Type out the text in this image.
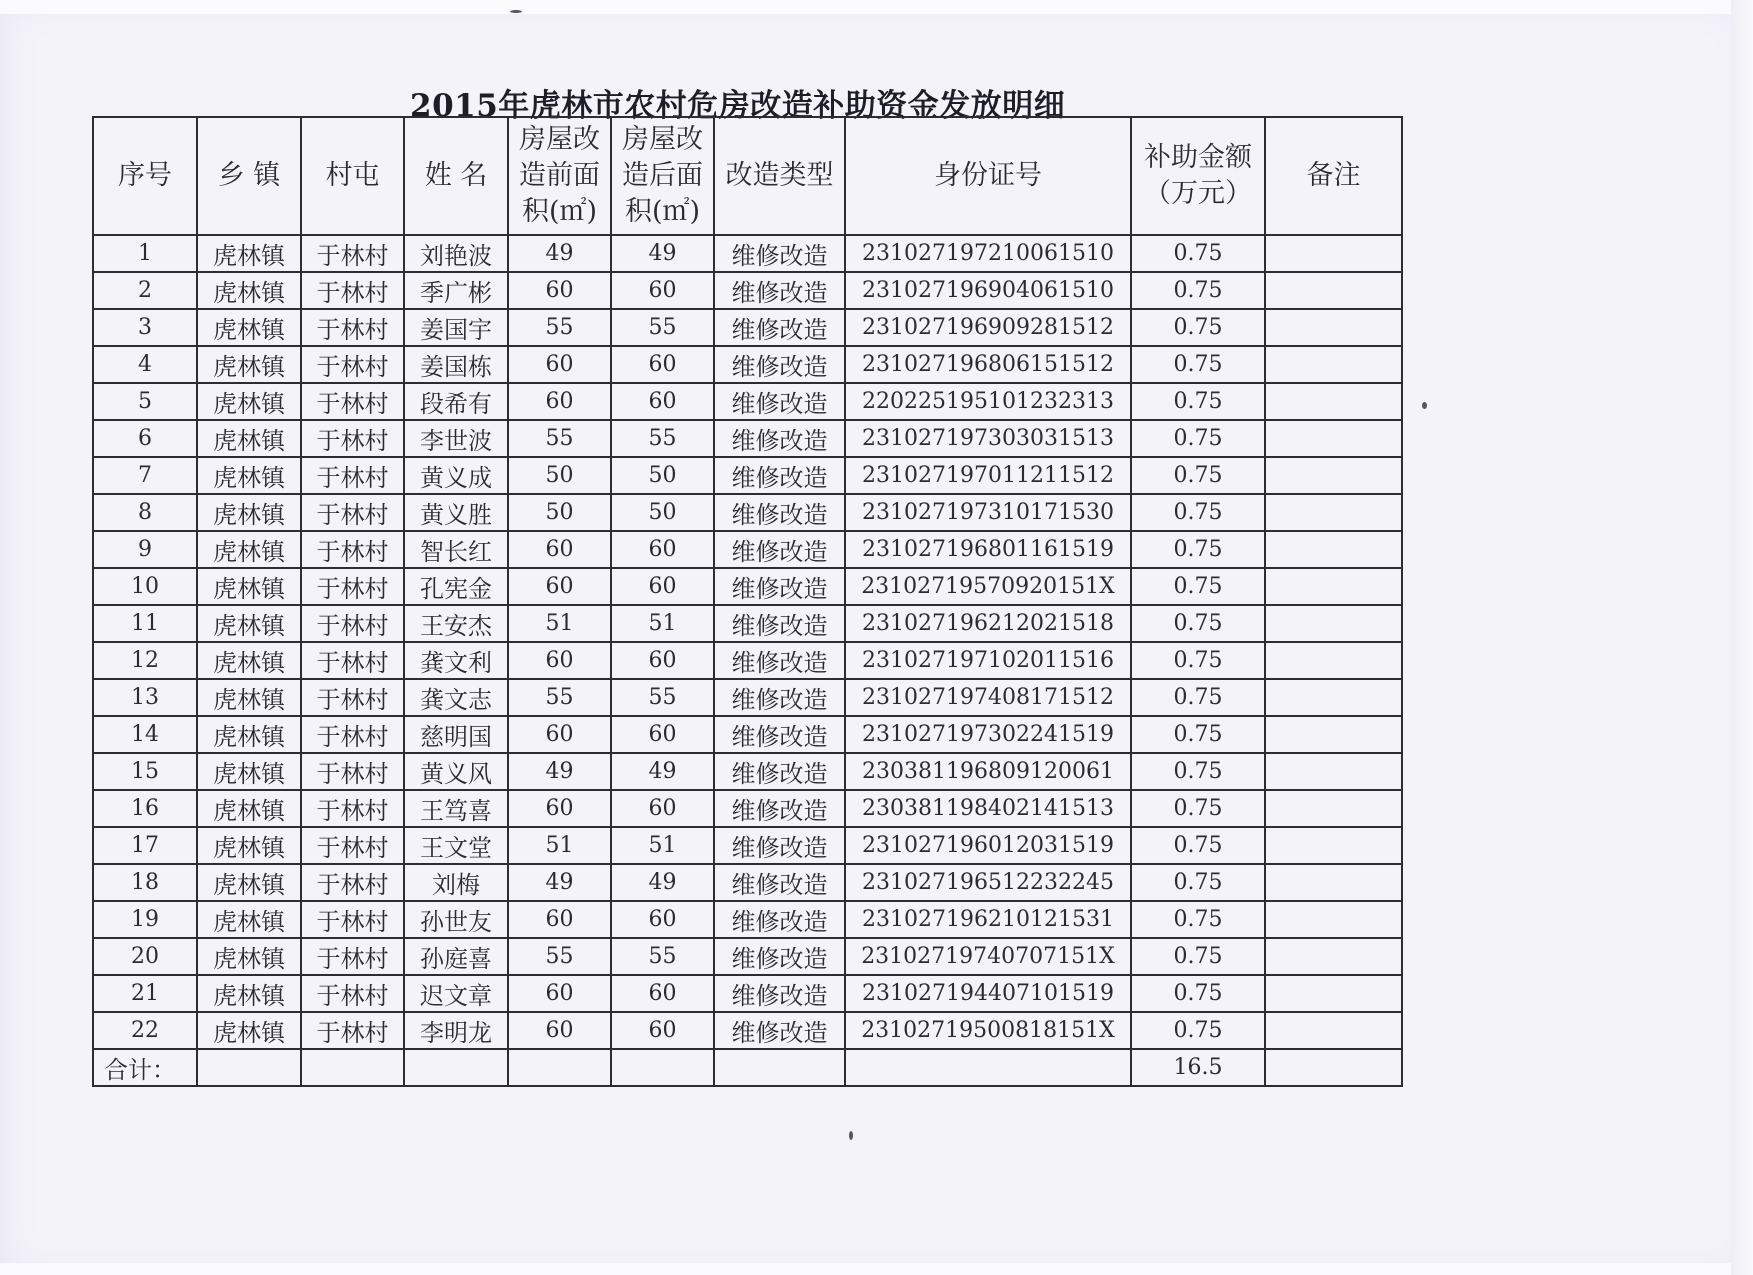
2015年虎林市农村危房改造补助资金发放明细
序号	乡 镇	村屯	姓 名	房屋改造前面积(㎡)	房屋改造后面积(㎡)	改造类型	身份证号	补助金额（万元）	备注
1	虎林镇	于林村	刘艳波	49	49	维修改造	231027197210061510	0.75	
2	虎林镇	于林村	季广彬	60	60	维修改造	231027196904061510	0.75	
3	虎林镇	于林村	姜国宇	55	55	维修改造	231027196909281512	0.75	
4	虎林镇	于林村	姜国栋	60	60	维修改造	231027196806151512	0.75	
5	虎林镇	于林村	段希有	60	60	维修改造	220225195101232313	0.75	
6	虎林镇	于林村	李世波	55	55	维修改造	231027197303031513	0.75	
7	虎林镇	于林村	黄义成	50	50	维修改造	231027197011211512	0.75	
8	虎林镇	于林村	黄义胜	50	50	维修改造	231027197310171530	0.75	
9	虎林镇	于林村	智长红	60	60	维修改造	231027196801161519	0.75	
10	虎林镇	于林村	孔宪金	60	60	维修改造	23102719570920151X	0.75	
11	虎林镇	于林村	王安杰	51	51	维修改造	231027196212021518	0.75	
12	虎林镇	于林村	龚文利	60	60	维修改造	231027197102011516	0.75	
13	虎林镇	于林村	龚文志	55	55	维修改造	231027197408171512	0.75	
14	虎林镇	于林村	慈明国	60	60	维修改造	231027197302241519	0.75	
15	虎林镇	于林村	黄义风	49	49	维修改造	230381196809120061	0.75	
16	虎林镇	于林村	王笃喜	60	60	维修改造	230381198402141513	0.75	
17	虎林镇	于林村	王文堂	51	51	维修改造	231027196012031519	0.75	
18	虎林镇	于林村	刘梅	49	49	维修改造	231027196512232245	0.75	
19	虎林镇	于林村	孙世友	60	60	维修改造	231027196210121531	0.75	
20	虎林镇	于林村	孙庭喜	55	55	维修改造	23102719740707151X	0.75	
21	虎林镇	于林村	迟文章	60	60	维修改造	231027194407101519	0.75	
22	虎林镇	于林村	李明龙	60	60	维修改造	23102719500818151X	0.75	
合计：								16.5	
